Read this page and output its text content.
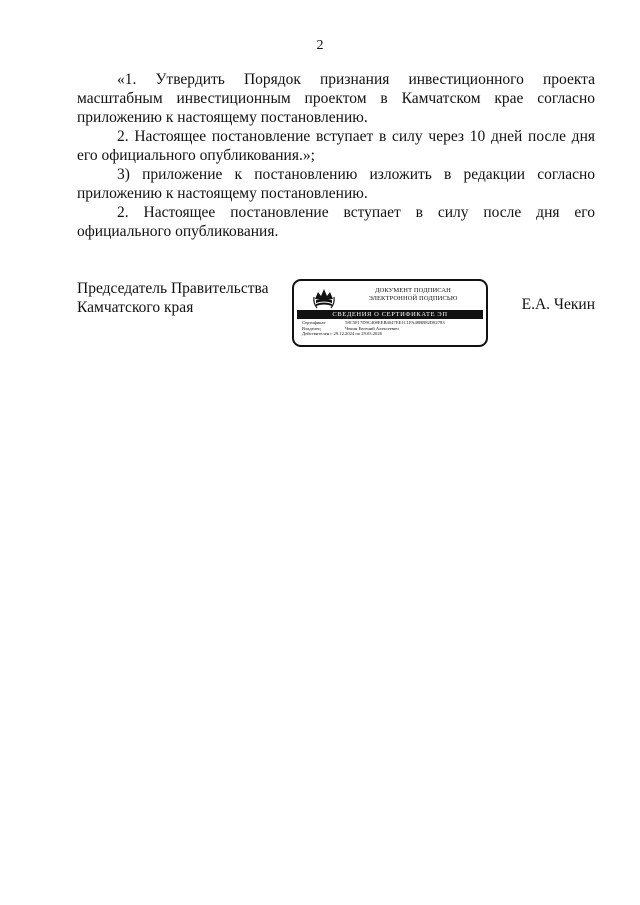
2

«1. Утвердить Порядок признания инвестиционного проекта масштабным инвестиционным проектом в Камчатском крае согласно приложению к настоящему постановлению.

2. Настоящее постановление вступает в силу через 10 дней после дня его официального опубликования.»;

3) приложение к постановлению изложить в редакции согласно приложению к настоящему постановлению.

2. Настоящее постановление вступает в силу после дня его официального опубликования.

Председатель Правительства
Камчатского края
ДОКУМЕНТ ПОДПИСАН
ЭЛЕКТРОННОЙ ПОДПИСЬЮ
СВЕДЕНИЯ О СЕРТИФИКАТЕ ЭП
Сертификат	58C5F17D9C408EEB4047EE1C1FA48BB82D82783
Владелец	Чекин Евгений Алексеевич
Действителен с 29.12.2024 по 29.03.2026
Е.А. Чекин
